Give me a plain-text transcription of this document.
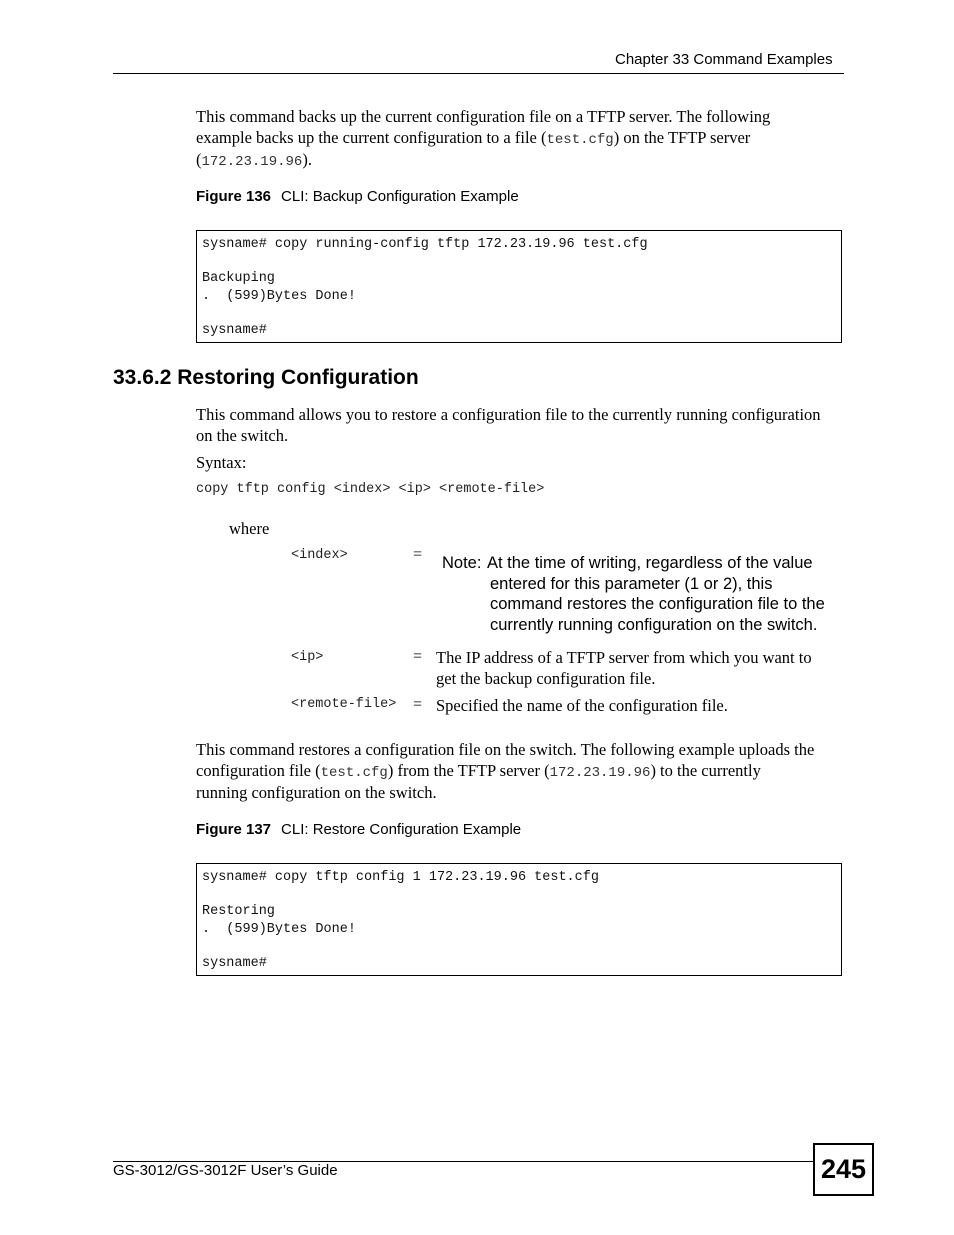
Chapter 33 Command Examples
This command backs up the current configuration file on a TFTP server. The following
example backs up the current configuration to a file (test.cfg) on the TFTP server
(172.23.19.96).
Figure 136 CLI: Backup Configuration Example
sysname# copy running-config tftp 172.23.19.96 test.cfg

Backuping
.  (599)Bytes Done!

sysname#
33.6.2 Restoring Configuration
This command allows you to restore a configuration file to the currently running configuration
on the switch.
Syntax:
copy tftp config <index> <ip> <remote-file>
where
<index>	= Note: At the time of writing, regardless of the value
entered for this parameter (1 or 2), this
command restores the configuration file to the
currently running configuration on the switch.
<ip>	= The IP address of a TFTP server from which you want to
get the backup configuration file.
<remote-file> = Specified the name of the configuration file.
This command restores a configuration file on the switch. The following example uploads the
configuration file (test.cfg) from the TFTP server (172.23.19.96) to the currently
running configuration on the switch.
Figure 137 CLI: Restore Configuration Example
sysname# copy tftp config 1 172.23.19.96 test.cfg

Restoring
.  (599)Bytes Done!

sysname#
GS-3012/GS-3012F User’s Guide	245
